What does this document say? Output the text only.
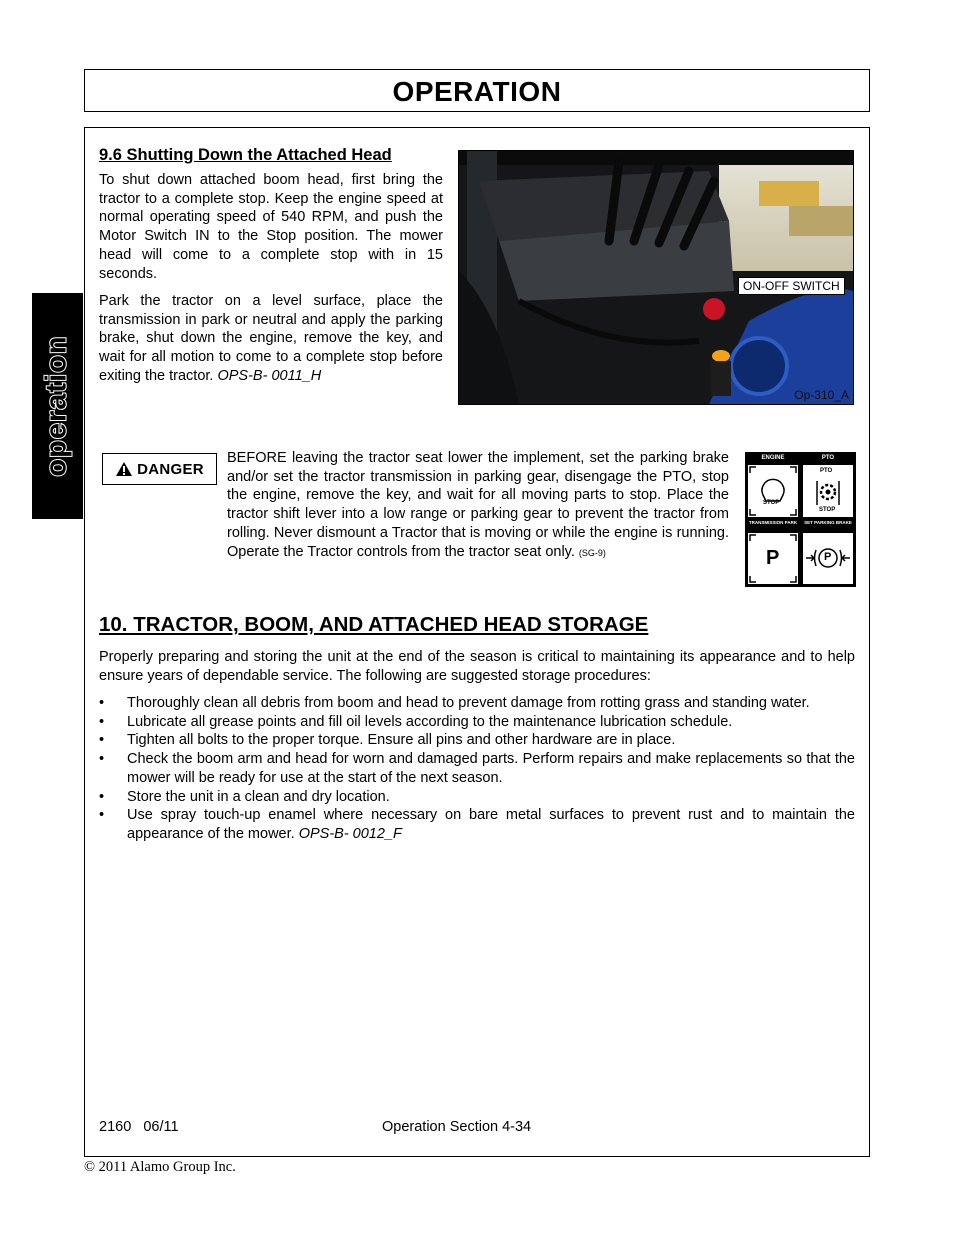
OPERATION
operation
9.6 Shutting Down the Attached Head
To shut down attached boom head, first bring the tractor to a complete stop. Keep the engine speed at normal operating speed of 540 RPM, and push the Motor Switch IN to the Stop position. The mower head will come to a complete stop with in 15 seconds.
Park the tractor on a level surface, place the transmission in park or neutral and apply the parking brake, shut down the engine, remove the key, and wait for all motion to come to a complete stop before exiting the tractor. OPS-B- 0011_H
ON-OFF SWITCH
Op-310_A
DANGER
BEFORE leaving the tractor seat lower the implement, set the parking brake and/or set the tractor transmission in parking gear, disengage the PTO, stop the engine, remove the key, and wait for all moving parts to stop. Place the tractor shift lever into a low range or parking gear to prevent the tractor from rolling. Never dismount a Tractor that is moving or while the engine is running. Operate the Tractor controls from the tractor seat only. (SG-9)
ENGINE	PTO
STOP
PTO
STOP
TRANSMISSION PARK	SET PARKING BRAKE
P	P
10. TRACTOR, BOOM, AND ATTACHED HEAD STORAGE
Properly preparing and storing the unit at the end of the season is critical to maintaining its appearance and to help ensure years of dependable service. The following are suggested storage procedures:
• Thoroughly clean all debris from boom and head to prevent damage from rotting grass and standing water.
• Lubricate all grease points and fill oil levels according to the maintenance lubrication schedule.
• Tighten all bolts to the proper torque. Ensure all pins and other hardware are in place.
• Check the boom arm and head for worn and damaged parts. Perform repairs and make replacements so that the mower will be ready for use at the start of the next season.
• Store the unit in a clean and dry location.
• Use spray touch-up enamel where necessary on bare metal surfaces to prevent rust and to maintain the appearance of the mower. OPS-B- 0012_F
2160   06/11	Operation Section 4-34
© 2011 Alamo Group Inc.
